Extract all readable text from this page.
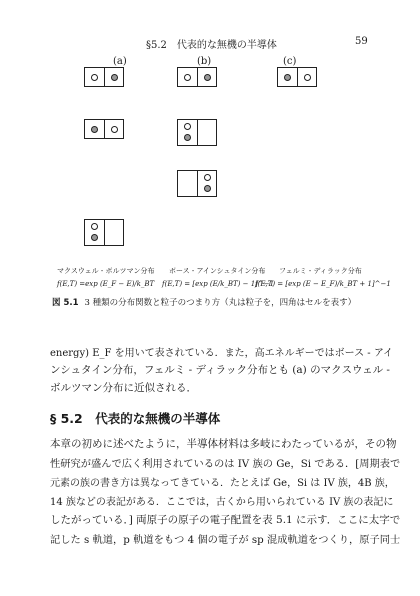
§5.2　代表的な無機の半導体	59
(a)	(b)	(c)
マクスウェル - ボルツマン分布 ボース - アインシュタイン分布 フェルミ - ディラック分布
f(E,T) =exp (E_F − E)/k_BT f(E,T) = [exp (E/k_BT) − 1]^−1
f(E,T) = [exp (E − E_F)/k_BT + 1]^−1
図 5.1 3 種類の分布関数と粒子のつまり方（丸は粒子を，四角はセルを表す）
energy) E_F を用いて表されている．また，高エネルギーではボース - アイ
ンシュタイン分布，フェルミ - ディラック分布とも (a) のマクスウェル -
ボルツマン分布に近似される．
§ 5.2　代表的な無機の半導体
本章の初めに述べたように，半導体材料は多岐にわたっているが，その物
性研究が盛んで広く利用されているのは IV 族の Ge，Si である．[周期表で
元素の族の書き方は異なってきている．たとえば Ge，Si は IV 族，4B 族，
14 族などの表記がある．ここでは，古くから用いられている IV 族の表記に
したがっている．] 両原子の原子の電子配置を表 5.1 に示す．ここに太字で
記した s 軌道，p 軌道をもつ 4 個の電子が sp 混成軌道をつくり，原子同士
